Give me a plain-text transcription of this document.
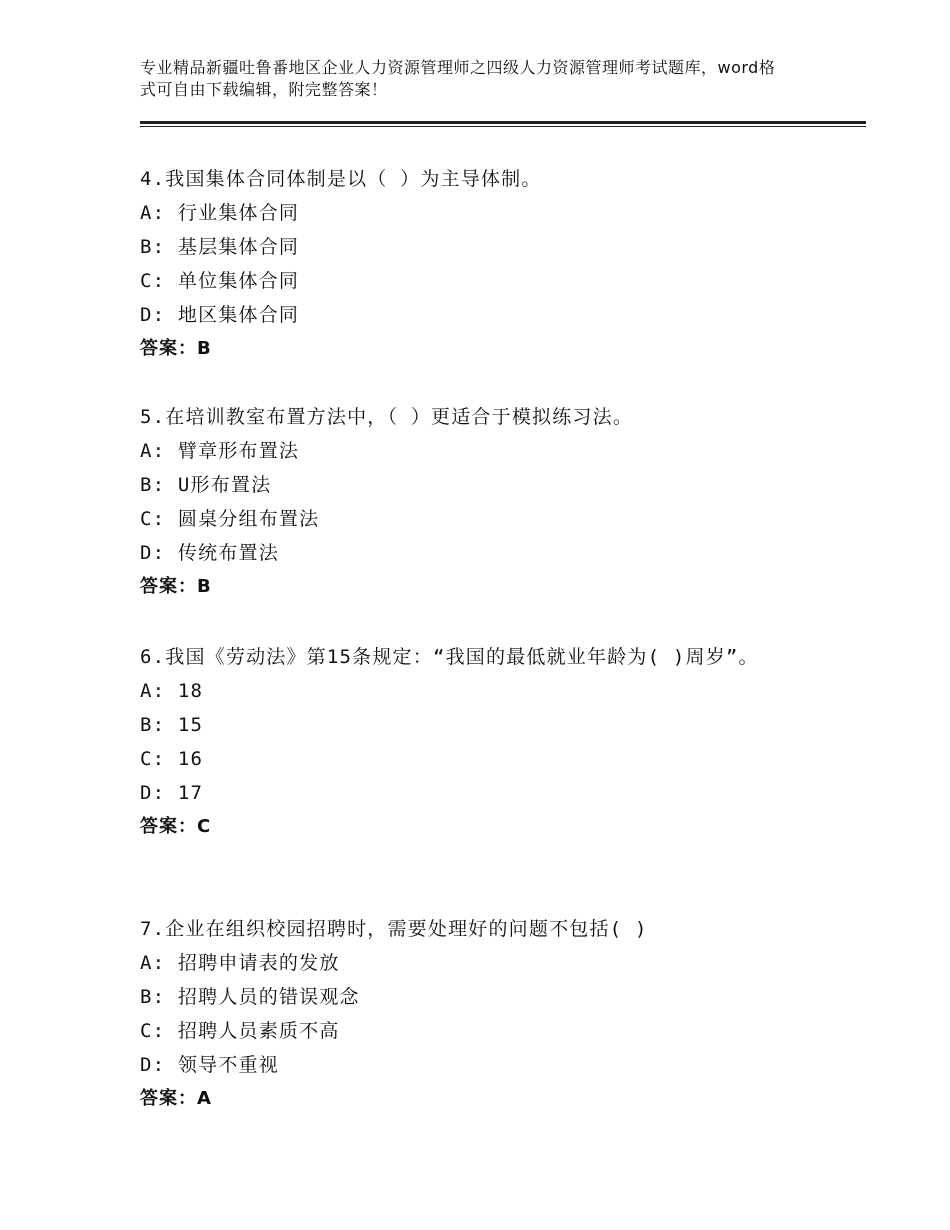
专业精品新疆吐鲁番地区企业人力资源管理师之四级人力资源管理师考试题库，word格式可自由下载编辑，附完整答案！

4.我国集体合同体制是以（ ）为主导体制。

A: 行业集体合同

B: 基层集体合同

C: 单位集体合同

D: 地区集体合同

答案：B

5.在培训教室布置方法中，（ ）更适合于模拟练习法。

A: 臂章形布置法

B: U形布置法

C: 圆桌分组布置法

D: 传统布置法

答案：B

6.我国《劳动法》第15条规定：“我国的最低就业年龄为( )周岁”。

A: 18

B: 15

C: 16

D: 17

答案：C

7.企业在组织校园招聘时，需要处理好的问题不包括( )

A: 招聘申请表的发放

B: 招聘人员的错误观念

C: 招聘人员素质不高

D: 领导不重视

答案：A
